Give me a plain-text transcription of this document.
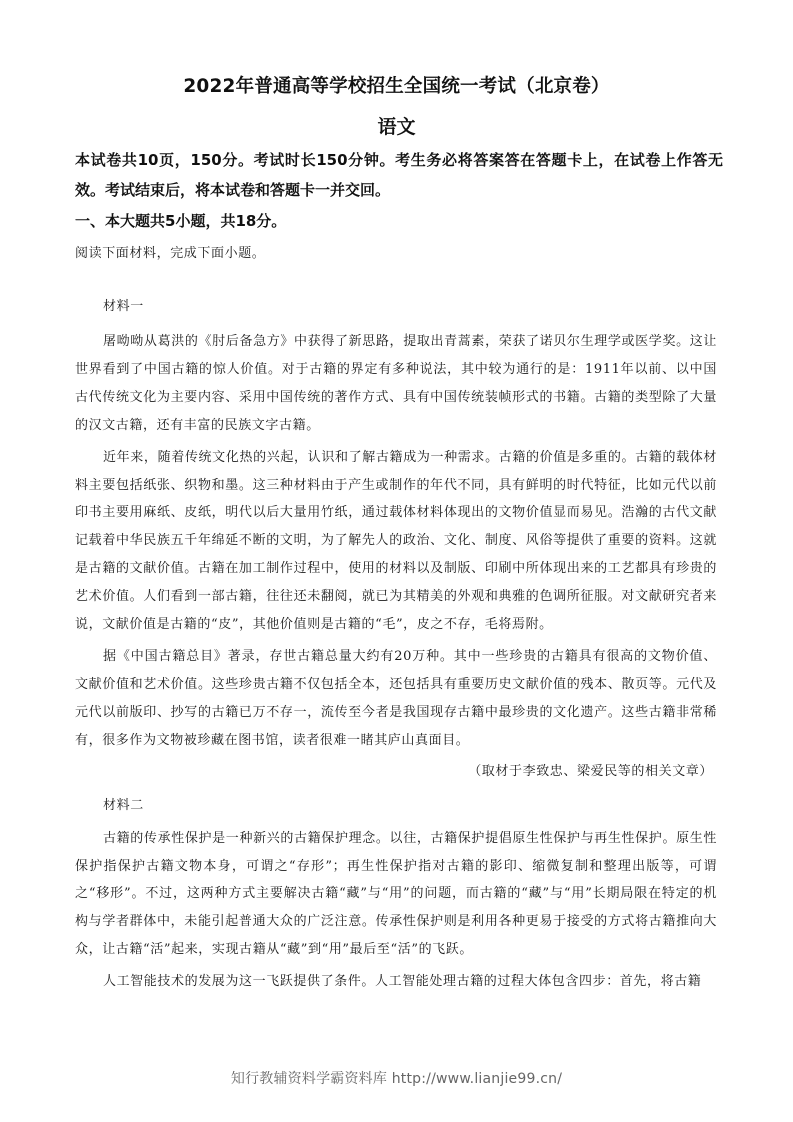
2022年普通高等学校招生全国统一考试（北京卷）
语文
本试卷共10页，150分。考试时长150分钟。考生务必将答案答在答题卡上，在试卷上作答无效。考试结束后，将本试卷和答题卡一并交回。
一、本大题共5小题，共18分。
阅读下面材料，完成下面小题。

材料一

屠呦呦从葛洪的《肘后备急方》中获得了新思路，提取出青蒿素，荣获了诺贝尔生理学或医学奖。这让世界看到了中国古籍的惊人价值。对于古籍的界定有多种说法，其中较为通行的是：1911年以前、以中国古代传统文化为主要内容、采用中国传统的著作方式、具有中国传统装帧形式的书籍。古籍的类型除了大量的汉文古籍，还有丰富的民族文字古籍。

近年来，随着传统文化热的兴起，认识和了解古籍成为一种需求。古籍的价值是多重的。古籍的载体材料主要包括纸张、织物和墨。这三种材料由于产生或制作的年代不同，具有鲜明的时代特征，比如元代以前印书主要用麻纸、皮纸，明代以后大量用竹纸，通过载体材料体现出的文物价值显而易见。浩瀚的古代文献记载着中华民族五千年绵延不断的文明，为了解先人的政治、文化、制度、风俗等提供了重要的资料。这就是古籍的文献价值。古籍在加工制作过程中，使用的材料以及制版、印刷中所体现出来的工艺都具有珍贵的艺术价值。人们看到一部古籍，往往还未翻阅，就已为其精美的外观和典雅的色调所征服。对文献研究者来说，文献价值是古籍的“皮”，其他价值则是古籍的“毛”，皮之不存，毛将焉附。

据《中国古籍总目》著录，存世古籍总量大约有20万种。其中一些珍贵的古籍具有很高的文物价值、文献价值和艺术价值。这些珍贵古籍不仅包括全本，还包括具有重要历史文献价值的残本、散页等。元代及元代以前版印、抄写的古籍已万不存一，流传至今者是我国现存古籍中最珍贵的文化遗产。这些古籍非常稀有，很多作为文物被珍藏在图书馆，读者很难一睹其庐山真面目。

（取材于李致忠、梁爱民等的相关文章）

材料二

古籍的传承性保护是一种新兴的古籍保护理念。以往，古籍保护提倡原生性保护与再生性保护。原生性保护指保护古籍文物本身，可谓之“存形”；再生性保护指对古籍的影印、缩微复制和整理出版等，可谓之“移形”。不过，这两种方式主要解决古籍“藏”与“用”的问题，而古籍的“藏”与“用”长期局限在特定的机构与学者群体中，未能引起普通大众的广泛注意。传承性保护则是利用各种更易于接受的方式将古籍推向大众，让古籍“活”起来，实现古籍从“藏”到“用”最后至“活”的飞跃。

人工智能技术的发展为这一飞跃提供了条件。人工智能处理古籍的过程大体包含四步：首先，将古籍

知行教辅资料学霸资料库 http://www.lianjie99.cn/
